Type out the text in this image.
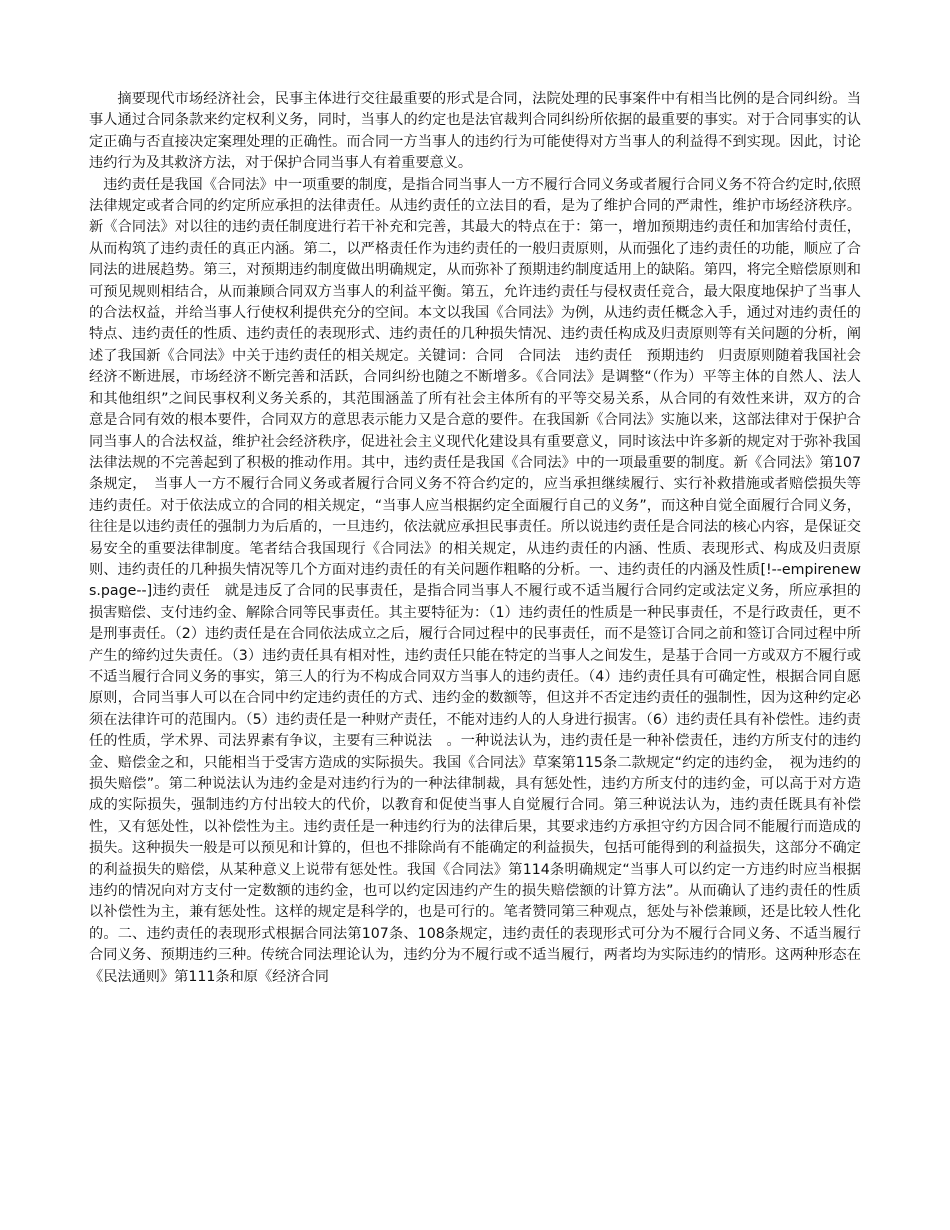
摘要现代市场经济社会，民事主体进行交往最重要的形式是合同，法院处理的民事案件中有相当比例的是合同纠纷。当事人通过合同条款来约定权利义务，同时，当事人的约定也是法官裁判合同纠纷所依据的最重要的事实。对于合同事实的认定正确与否直接决定案理处理的正确性。而合同一方当事人的违约行为可能使得对方当事人的利益得不到实现。因此，讨论违约行为及其救济方法，对于保护合同当事人有着重要意义。

　违约责任是我国《合同法》中一项重要的制度，是指合同当事人一方不履行合同义务或者履行合同义务不符合约定时,依照法律规定或者合同的约定所应承担的法律责任。从违约责任的立法目的看，是为了维护合同的严肃性，维护市场经济秩序。新《合同法》对以往的违约责任制度进行若干补充和完善，其最大的特点在于：第一，增加预期违约责任和加害给付责任，从而构筑了违约责任的真正内涵。第二，以严格责任作为违约责任的一般归责原则，从而强化了违约责任的功能，顺应了合同法的进展趋势。第三，对预期违约制度做出明确规定，从而弥补了预期违约制度适用上的缺陷。第四，将完全赔偿原则和可预见规则相结合，从而兼顾合同双方当事人的利益平衡。第五，允许违约责任与侵权责任竞合，最大限度地保护了当事人的合法权益，并给当事人行使权利提供充分的空间。本文以我国《合同法》为例，从违约责任概念入手，通过对违约责任的特点、违约责任的性质、违约责任的表现形式、违约责任的几种损失情况、违约责任构成及归责原则等有关问题的分析，阐述了我国新《合同法》中关于违约责任的相关规定。关键词：合同　合同法　违约责任　预期违约　归责原则随着我国社会经济不断进展，市场经济不断完善和活跃，合同纠纷也随之不断增多。《合同法》是调整“（作为）平等主体的自然人、法人和其他组织”之间民事权利义务关系的，其范围涵盖了所有社会主体所有的平等交易关系，从合同的有效性来讲，双方的合意是合同有效的根本要件，合同双方的意思表示能力又是合意的要件。在我国新《合同法》实施以来，这部法律对于保护合同当事人的合法权益，维护社会经济秩序，促进社会主义现代化建设具有重要意义，同时该法中许多新的规定对于弥补我国法律法规的不完善起到了积极的推动作用。其中，违约责任是我国《合同法》中的一项最重要的制度。新《合同法》第107条规定，　当事人一方不履行合同义务或者履行合同义务不符合约定的，应当承担继续履行、实行补救措施或者赔偿损失等违约责任。对于依法成立的合同的相关规定，“当事人应当根据约定全面履行自己的义务”，而这种自觉全面履行合同义务，往往是以违约责任的强制力为后盾的，一旦违约，依法就应承担民事责任。所以说违约责任是合同法的核心内容，是保证交易安全的重要法律制度。笔者结合我国现行《合同法》的相关规定，从违约责任的内涵、性质、表现形式、构成及归责原则、违约责任的几种损失情况等几个方面对违约责任的有关问题作粗略的分析。一、违约责任的内涵及性质[!--empirenews.page--]违约责任　就是违反了合同的民事责任，是指合同当事人不履行或不适当履行合同约定或法定义务，所应承担的损害赔偿、支付违约金、解除合同等民事责任。其主要特征为：（1）违约责任的性质是一种民事责任，不是行政责任，更不是刑事责任。（2）违约责任是在合同依法成立之后，履行合同过程中的民事责任，而不是签订合同之前和签订合同过程中所产生的缔约过失责任。（3）违约责任具有相对性，违约责任只能在特定的当事人之间发生，是基于合同一方或双方不履行或不适当履行合同义务的事实，第三人的行为不构成合同双方当事人的违约责任。（4）违约责任具有可确定性，根据合同自愿原则，合同当事人可以在合同中约定违约责任的方式、违约金的数额等，但这并不否定违约责任的强制性，因为这种约定必须在法律许可的范围内。（5）违约责任是一种财产责任，不能对违约人的人身进行损害。（6）违约责任具有补偿性。违约责任的性质，学术界、司法界素有争议，主要有三种说法　。一种说法认为，违约责任是一种补偿责任，违约方所支付的违约金、赔偿金之和，只能相当于受害方造成的实际损失。我国《合同法》草案第115条二款规定“约定的违约金，　视为违约的损失赔偿”。第二种说法认为违约金是对违约行为的一种法律制裁，具有惩处性，违约方所支付的违约金，可以高于对方造成的实际损失，强制违约方付出较大的代价，以教育和促使当事人自觉履行合同。第三种说法认为，违约责任既具有补偿性，又有惩处性，以补偿性为主。违约责任是一种违约行为的法律后果，其要求违约方承担守约方因合同不能履行而造成的损失。这种损失一般是可以预见和计算的，但也不排除尚有不能确定的利益损失，包括可能得到的利益损失，这部分不确定的利益损失的赔偿，从某种意义上说带有惩处性。我国《合同法》第114条明确规定“当事人可以约定一方违约时应当根据违约的情况向对方支付一定数额的违约金，也可以约定因违约产生的损失赔偿额的计算方法”。从而确认了违约责任的性质以补偿性为主，兼有惩处性。这样的规定是科学的，也是可行的。笔者赞同第三种观点，惩处与补偿兼顾，还是比较人性化的。二、违约责任的表现形式根据合同法第107条、108条规定，违约责任的表现形式可分为不履行合同义务、不适当履行合同义务、预期违约三种。传统合同法理论认为，违约分为不履行或不适当履行，两者均为实际违约的情形。这两种形态在《民法通则》第111条和原《经济合同
